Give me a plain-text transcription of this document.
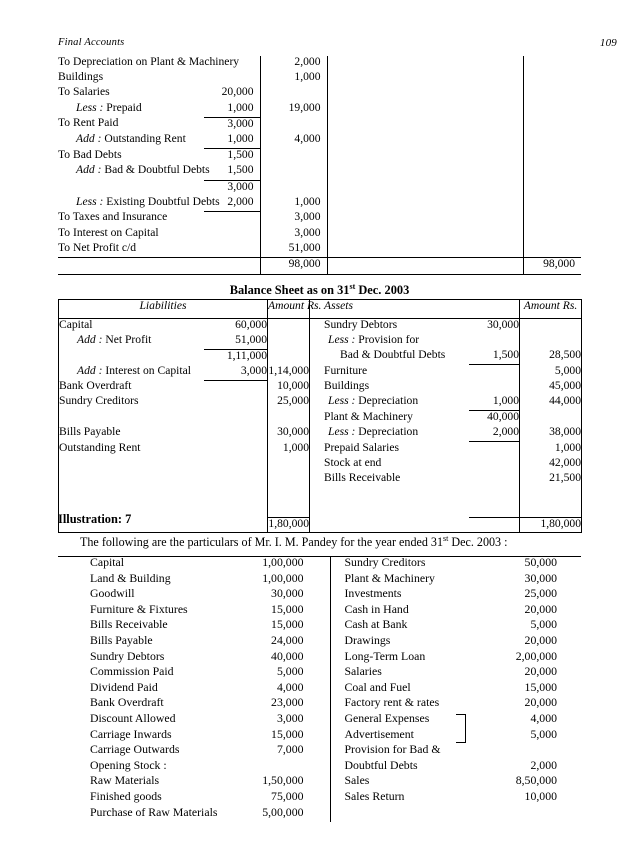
Final Accounts	109
To Depreciation on Plant & Machinery		2,000		
Buildings		1,000		
To Salaries	20,000			
Less : Prepaid	1,000	19,000		
To Rent Paid	3,000			
Add : Outstanding Rent	1,000	4,000		
To Bad Debts	1,500			
Add : Bad & Doubtful Debts	1,500			
	3,000			
Less : Existing Doubtful Debts	2,000	1,000		
To Taxes and Insurance		3,000		
To Interest on Capital		3,000		
To Net Profit c/d		51,000		
		98,000		98,000

Balance Sheet as on 31st Dec. 2003
Liabilities		Amount Rs.	Assets		Amount Rs.
Capital	60,000		Sundry Debtors	30,000	
Add : Net Profit	51,000		Less : Provision for		
	1,11,000		Bad & Doubtful Debts	1,500	28,500
Add : Interest on Capital	3,000	1,14,000	Furniture		5,000
Bank Overdraft		10,000	Buildings		45,000
Sundry Creditors		25,000	Less : Depreciation	1,000	44,000
			Plant & Machinery	40,000	
Bills Payable		30,000	Less : Depreciation	2,000	38,000
Outstanding Rent		1,000	Prepaid Salaries		1,000
			Stock at end		42,000
			Bills Receivable		21,500

		1,80,000			1,80,000

Illustration: 7
The following are the particulars of Mr. I. M. Pandey for the year ended 31st Dec. 2003 :
Capital	1,00,000	Sundry Creditors	50,000
Land & Building	1,00,000	Plant & Machinery	30,000
Goodwill	30,000	Investments	25,000
Furniture & Fixtures	15,000	Cash in Hand	20,000
Bills Receivable	15,000	Cash at Bank	5,000
Bills Payable	24,000	Drawings	20,000
Sundry Debtors	40,000	Long-Term Loan	2,00,000
Commission Paid	5,000	Salaries	20,000
Dividend Paid	4,000	Coal and Fuel	15,000
Bank Overdraft	23,000	Factory rent & rates	20,000
Discount Allowed	3,000	General Expenses	4,000
Carriage Inwards	15,000	Advertisement	5,000
Carriage Outwards	7,000	Provision for Bad &	
Opening Stock :		Doubtful Debts	2,000
Raw Materials	1,50,000	Sales	8,50,000
Finished goods	75,000	Sales Return	10,000
Purchase of Raw Materials	5,00,000		
